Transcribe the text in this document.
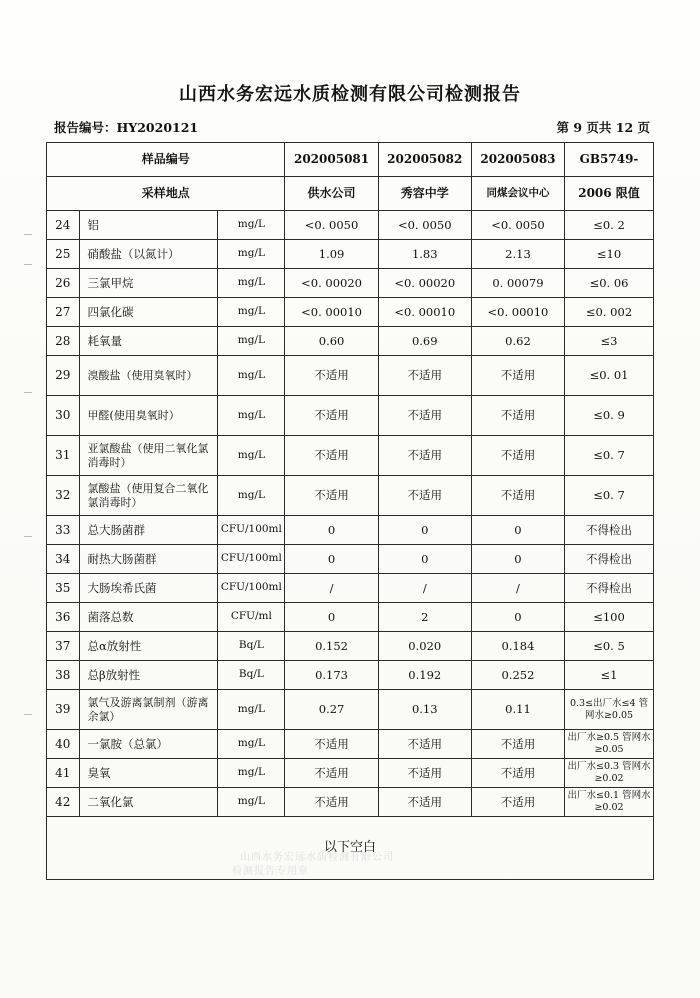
山西水务宏远水质检测有限公司检测报告
报告编号：HY2020121	第 9 页共 12 页
山西水务宏远水质检测有限公司
检测报告专用章
样品编号			202005081	202005082	202005083	GB5749-
采样地点			供水公司	秀容中学	同煤会议中心	2006 限值
24	铝	mg/L	<0. 0050	<0. 0050	<0. 0050	≤0. 2
25	硝酸盐（以氮计）	mg/L	1.09	1.83	2.13	≤10
26	三氯甲烷	mg/L	<0. 00020	<0. 00020	0. 00079	≤0. 06
27	四氯化碳	mg/L	<0. 00010	<0. 00010	<0. 00010	≤0. 002
28	耗氧量	mg/L	0.60	0.69	0.62	≤3
29	溴酸盐（使用臭氧时）	mg/L	不适用	不适用	不适用	≤0. 01
30	甲醛(使用臭氧时）	mg/L	不适用	不适用	不适用	≤0. 9
31	亚氯酸盐（使用二氧化氯消毒时）	mg/L	不适用	不适用	不适用	≤0. 7
32	氯酸盐（使用复合二氧化氯消毒时）	mg/L	不适用	不适用	不适用	≤0. 7
33	总大肠菌群	CFU/100ml	0	0	0	不得检出
34	耐热大肠菌群	CFU/100ml	0	0	0	不得检出
35	大肠埃希氏菌	CFU/100ml	/	/	/	不得检出
36	菌落总数	CFU/ml	0	2	0	≤100
37	总α放射性	Bq/L	0.152	0.020	0.184	≤0. 5
38	总β放射性	Bq/L	0.173	0.192	0.252	≤1
39	氯气及游离氯制剂（游离余氯）	mg/L	0.27	0.13	0.11	0.3≤出厂水≤4 管网水≥0.05
40	一氯胺（总氯）	mg/L	不适用	不适用	不适用	出厂水≥0.5 管网水≥0.05
41	臭氧	mg/L	不适用	不适用	不适用	出厂水≤0.3 管网水≥0.02
42	二氧化氯	mg/L	不适用	不适用	不适用	出厂水≤0.1 管网水≥0.02
以下空白						
